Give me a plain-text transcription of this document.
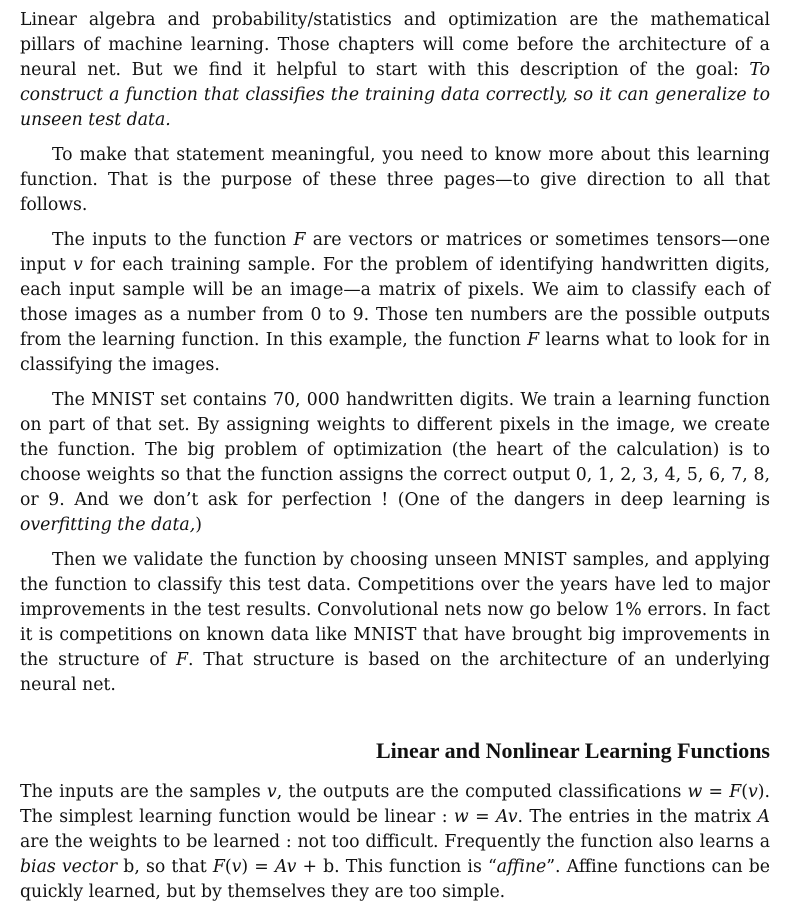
Linear algebra and probability/statistics and optimization are the mathematical pillars of machine learning. Those chapters will come before the architecture of a neural net. But we find it helpful to start with this description of the goal: To construct a function that classifies the training data correctly, so it can generalize to unseen test data.

To make that statement meaningful, you need to know more about this learning function. That is the purpose of these three pages—to give direction to all that follows.

The inputs to the function F are vectors or matrices or sometimes tensors—one input v for each training sample. For the problem of identifying handwritten digits, each input sample will be an image—a matrix of pixels. We aim to classify each of those images as a number from 0 to 9. Those ten numbers are the possible outputs from the learning function. In this example, the function F learns what to look for in classifying the images.

The MNIST set contains 70, 000 handwritten digits. We train a learning function on part of that set. By assigning weights to different pixels in the image, we create the function. The big problem of optimization (the heart of the calculation) is to choose weights so that the function assigns the correct output 0, 1, 2, 3, 4, 5, 6, 7, 8, or 9. And we don’t ask for perfection ! (One of the dangers in deep learning is overfitting the data,)

Then we validate the function by choosing unseen MNIST samples, and applying the function to classify this test data. Competitions over the years have led to major improvements in the test results. Convolutional nets now go below 1% errors. In fact it is competitions on known data like MNIST that have brought big improvements in the structure of F. That structure is based on the architecture of an underlying neural net.

Linear and Nonlinear Learning Functions

The inputs are the samples v, the outputs are the computed classifications w = F(v). The simplest learning function would be linear : w = Av. The entries in the matrix A are the weights to be learned : not too difficult. Frequently the function also learns a bias vector b, so that F(v) = Av + b. This function is “affine”. Affine functions can be quickly learned, but by themselves they are too simple.
